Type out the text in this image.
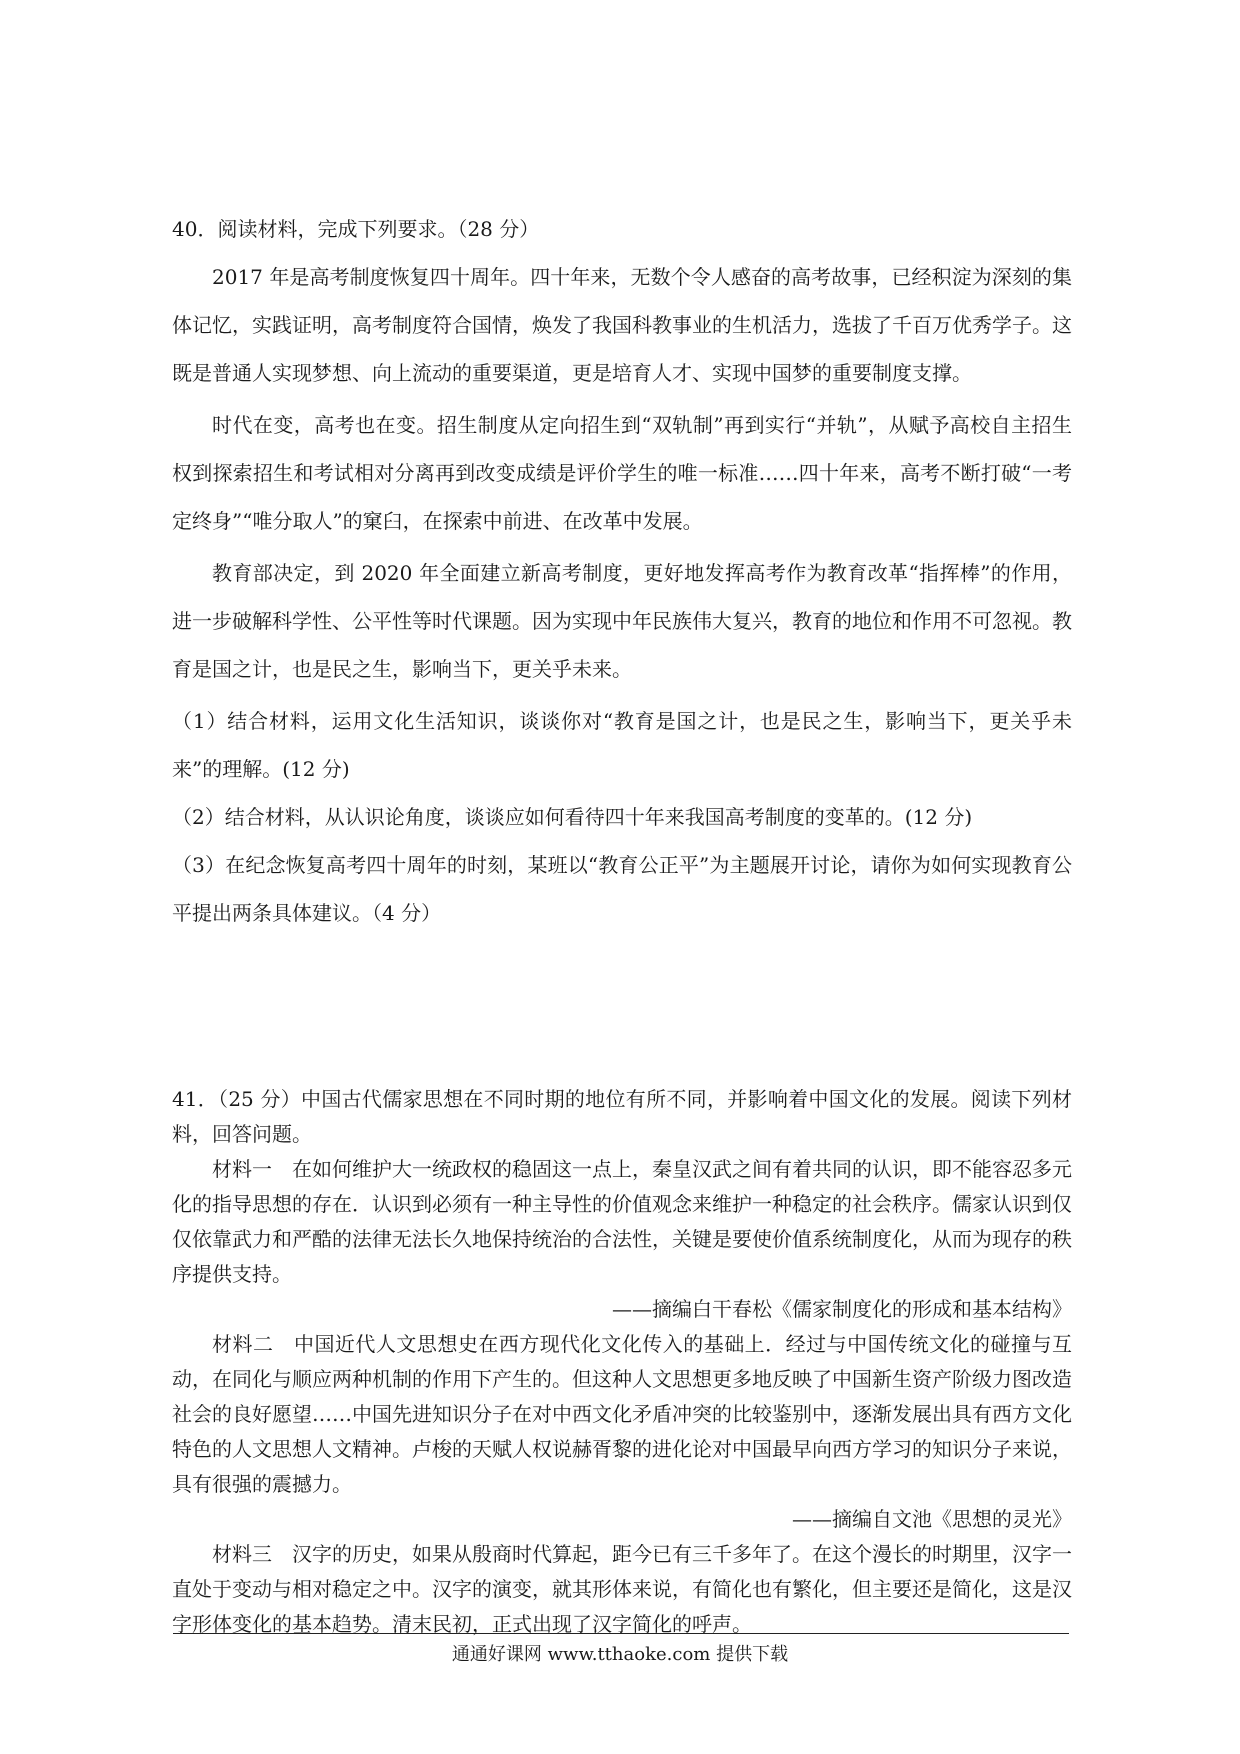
40．阅读材料，完成下列要求。（28 分）

2017 年是高考制度恢复四十周年。四十年来，无数个令人感奋的高考故事，已经积淀为深刻的集体记忆，实践证明，高考制度符合国情，焕发了我国科教事业的生机活力，选拔了千百万优秀学子。这既是普通人实现梦想、向上流动的重要渠道，更是培育人才、实现中国梦的重要制度支撑。

时代在变，高考也在变。招生制度从定向招生到“双轨制”再到实行“并轨”，从赋予高校自主招生权到探索招生和考试相对分离再到改变成绩是评价学生的唯一标准……四十年来，高考不断打破“一考定终身”“唯分取人”的窠臼，在探索中前进、在改革中发展。

教育部决定，到 2020 年全面建立新高考制度，更好地发挥高考作为教育改革“指挥棒”的作用，进一步破解科学性、公平性等时代课题。因为实现中年民族伟大复兴，教育的地位和作用不可忽视。教育是国之计，也是民之生，影响当下，更关乎未来。

（1）结合材料，运用文化生活知识，谈谈你对“教育是国之计，也是民之生，影响当下，更关乎未来”的理解。(12 分)

（2）结合材料，从认识论角度，谈谈应如何看待四十年来我国高考制度的变革的。(12 分)

（3）在纪念恢复高考四十周年的时刻，某班以“教育公正平”为主题展开讨论，请你为如何实现教育公平提出两条具体建议。（4 分）

41．（25 分）中国古代儒家思想在不同时期的地位有所不同，并影响着中国文化的发展。阅读下列材料，回答问题。

材料一　在如何维护大一统政权的稳固这一点上，秦皇汉武之间有着共同的认识，即不能容忍多元化的指导思想的存在．认识到必须有一种主导性的价值观念来维护一种稳定的社会秩序。儒家认识到仅仅依靠武力和严酷的法律无法长久地保持统治的合法性，关键是要使价值系统制度化，从而为现存的秩序提供支持。

——摘编白干春松《儒家制度化的形成和基本结构》

材料二　中国近代人文思想史在西方现代化文化传入的基础上．经过与中国传统文化的碰撞与互动，在同化与顺应两种机制的作用下产生的。但这种人文思想更多地反映了中国新生资产阶级力图改造社会的良好愿望……中国先进知识分子在对中西文化矛盾冲突的比较鉴别中，逐渐发展出具有西方文化特色的人文思想人文精神。卢梭的天赋人权说赫胥黎的进化论对中国最早向西方学习的知识分子来说，具有很强的震撼力。

——摘编自文池《思想的灵光》

材料三　汉字的历史，如果从殷商时代算起，距今已有三千多年了。在这个漫长的时期里，汉字一直处于变动与相对稳定之中。汉字的演变，就其形体来说，有简化也有繁化，但主要还是简化，这是汉字形体变化的基本趋势。清末民初，正式出现了汉字简化的呼声。

通通好课网 www.tthaoke.com 提供下载
